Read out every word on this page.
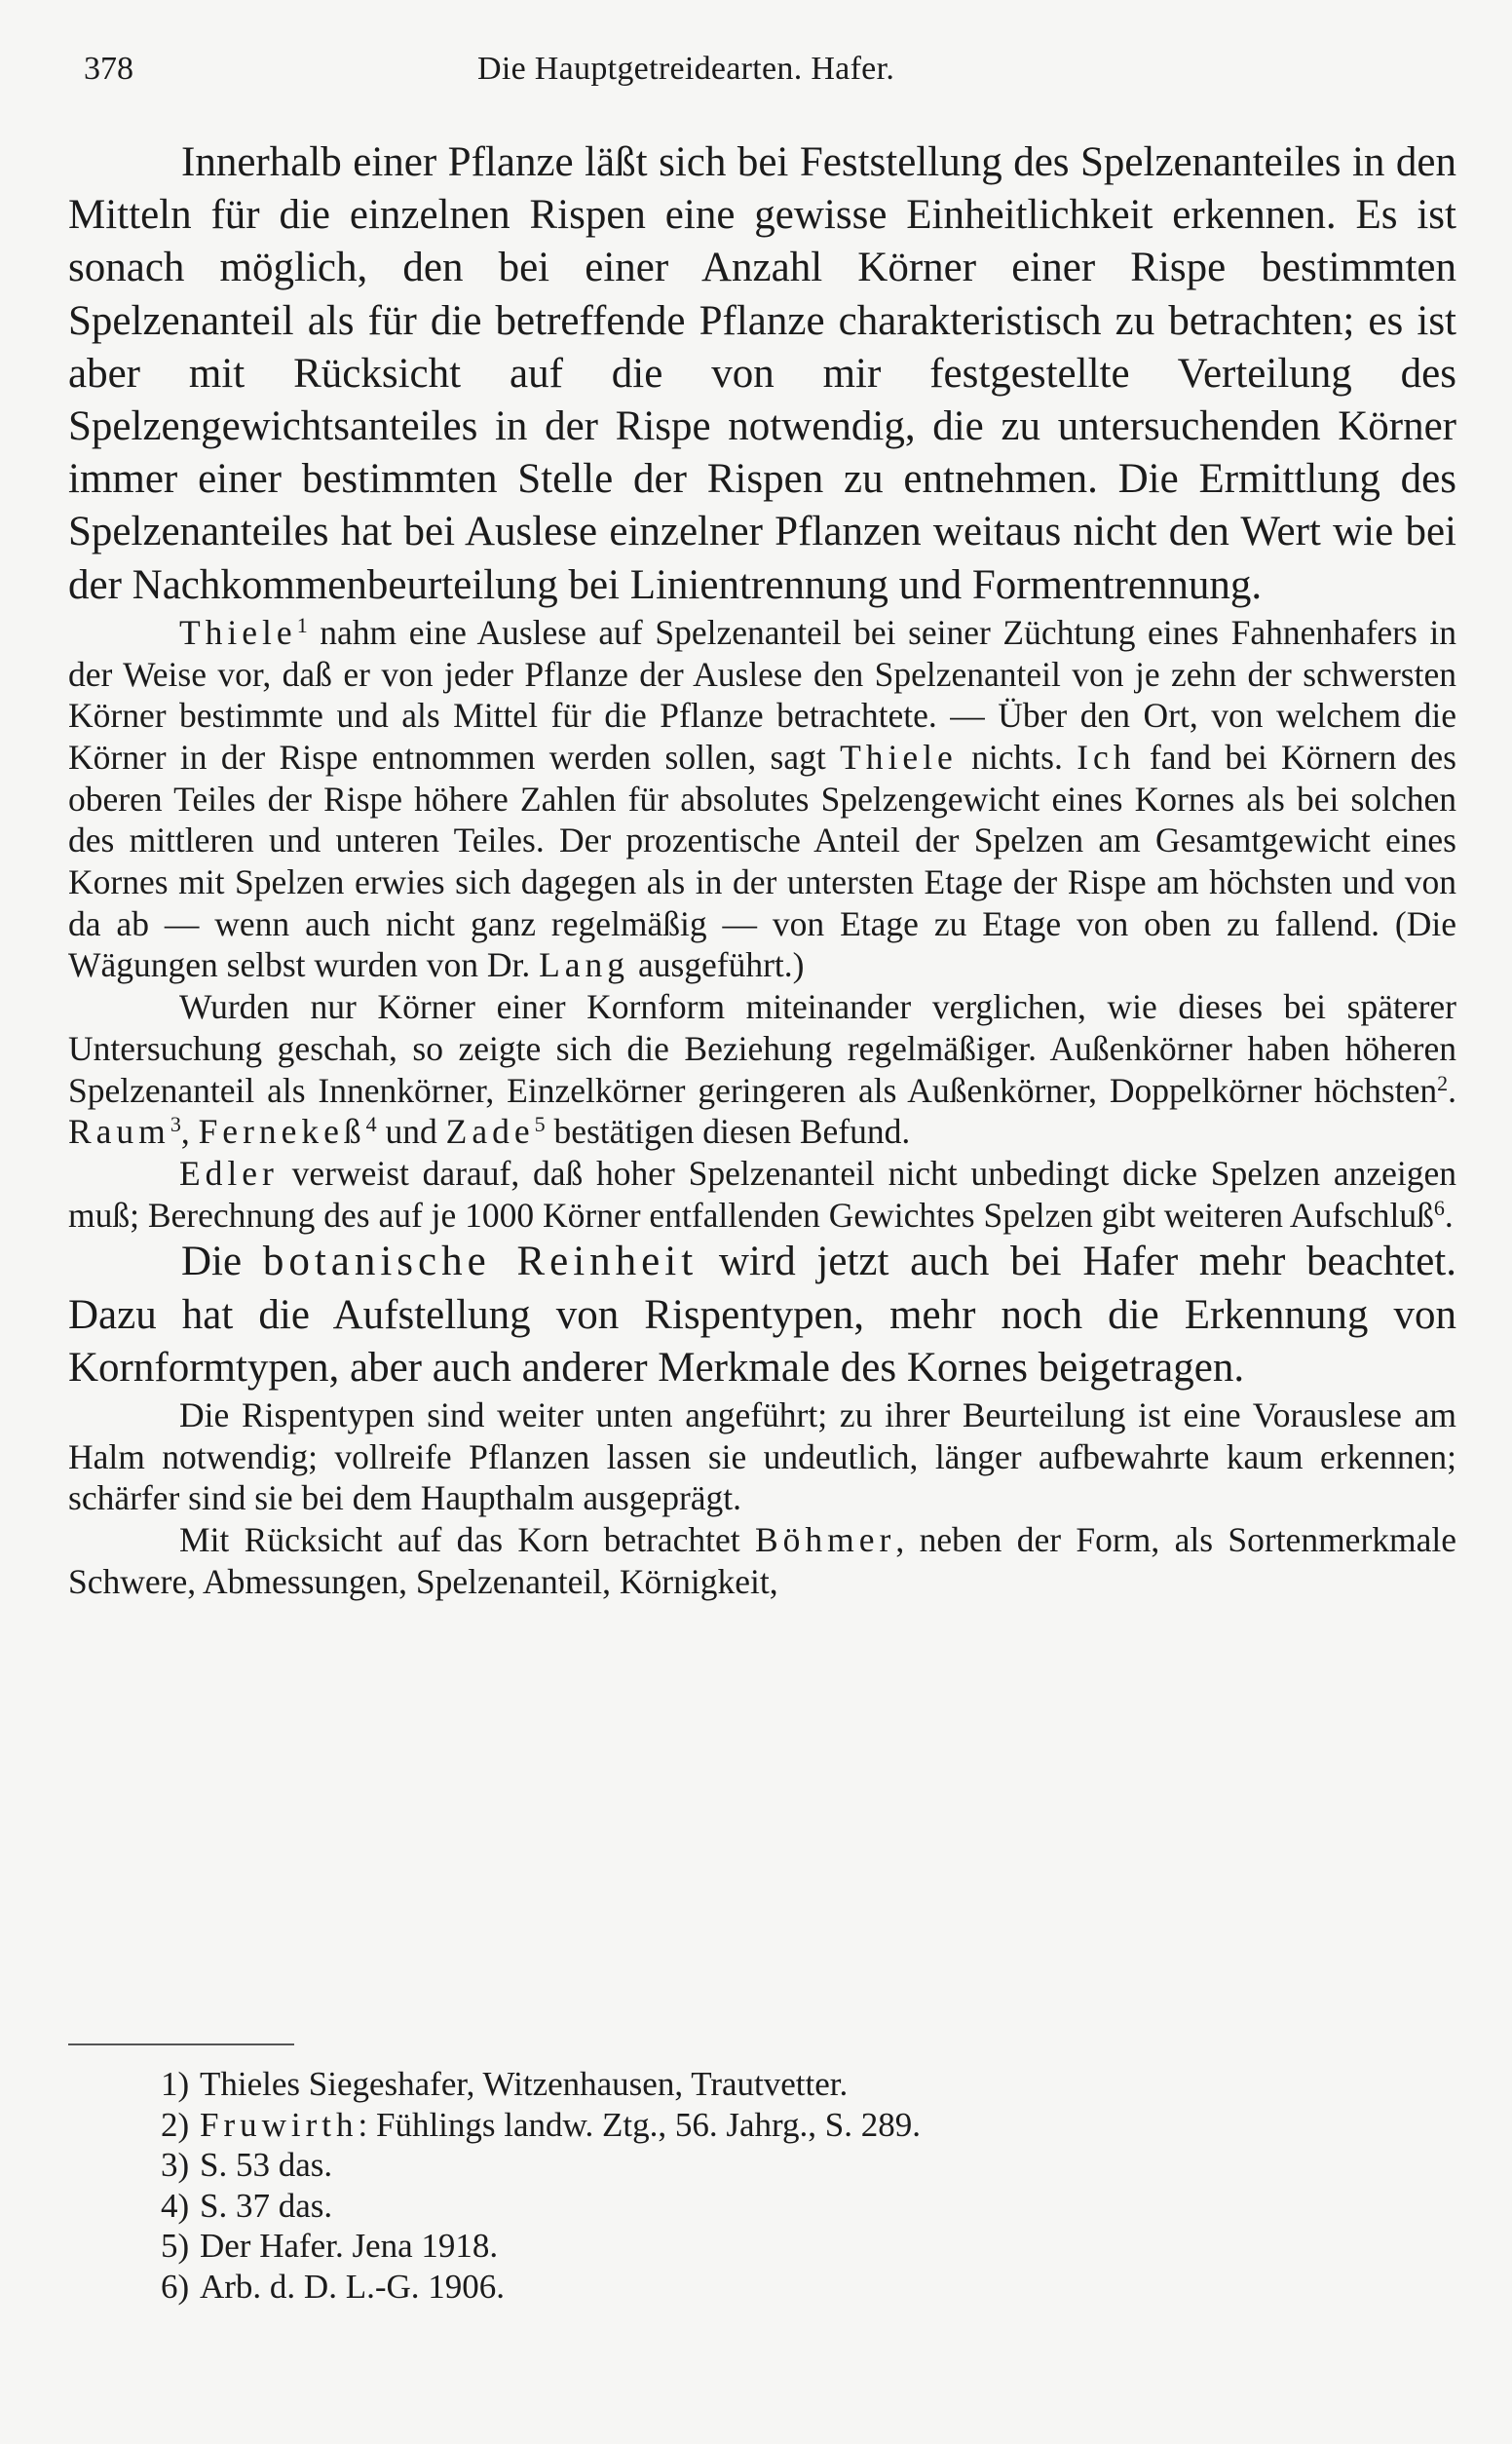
378	Die Hauptgetreidearten. Hafer.

Innerhalb einer Pflanze läßt sich bei Feststellung des Spelzenanteiles in den Mitteln für die einzelnen Rispen eine gewisse Einheitlichkeit erkennen. Es ist sonach möglich, den bei einer Anzahl Körner einer Rispe bestimmten Spelzenanteil als für die betreffende Pflanze charakteristisch zu betrachten; es ist aber mit Rücksicht auf die von mir festgestellte Verteilung des Spelzengewichtsanteiles in der Rispe notwendig, die zu untersuchenden Körner immer einer bestimmten Stelle der Rispen zu entnehmen. Die Ermittlung des Spelzenanteiles hat bei Auslese einzelner Pflanzen weitaus nicht den Wert wie bei der Nachkommenbeurteilung bei Linientrennung und Formentrennung.

Thiele$^1$ nahm eine Auslese auf Spelzenanteil bei seiner Züchtung eines Fahnenhafers in der Weise vor, daß er von jeder Pflanze der Auslese den Spelzenanteil von je zehn der schwersten Körner bestimmte und als Mittel für die Pflanze betrachtete. — Über den Ort, von welchem die Körner in der Rispe entnommen werden sollen, sagt Thiele nichts. Ich fand bei Körnern des oberen Teiles der Rispe höhere Zahlen für absolutes Spelzengewicht eines Kornes als bei solchen des mittleren und unteren Teiles. Der prozentische Anteil der Spelzen am Gesamtgewicht eines Kornes mit Spelzen erwies sich dagegen als in der untersten Etage der Rispe am höchsten und von da ab — wenn auch nicht ganz regelmäßig — von Etage zu Etage von oben zu fallend. (Die Wägungen selbst wurden von Dr. Lang ausgeführt.)

Wurden nur Körner einer Kornform miteinander verglichen, wie dieses bei späterer Untersuchung geschah, so zeigte sich die Beziehung regelmäßiger. Außenkörner haben höheren Spelzenanteil als Innenkörner, Einzelkörner geringeren als Außenkörner, Doppelkörner höchsten$^2$. Raum$^3$, Fernekeß$^4$ und Zade$^5$ bestätigen diesen Befund.

Edler verweist darauf, daß hoher Spelzenanteil nicht unbedingt dicke Spelzen anzeigen muß; Berechnung des auf je 1000 Körner entfallenden Gewichtes Spelzen gibt weiteren Aufschluß$^6$.

Die botanische Reinheit wird jetzt auch bei Hafer mehr beachtet. Dazu hat die Aufstellung von Rispentypen, mehr noch die Erkennung von Kornformtypen, aber auch anderer Merkmale des Kornes beigetragen.

Die Rispentypen sind weiter unten angeführt; zu ihrer Beurteilung ist eine Vorauslese am Halm notwendig; vollreife Pflanzen lassen sie undeutlich, länger aufbewahrte kaum erkennen; schärfer sind sie bei dem Haupthalm ausgeprägt.

Mit Rücksicht auf das Korn betrachtet Böhmer, neben der Form, als Sortenmerkmale Schwere, Abmessungen, Spelzenanteil, Körnigkeit,

1) Thieles Siegeshafer, Witzenhausen, Trautvetter.
2) Fruwirth: Fühlings landw. Ztg., 56. Jahrg., S. 289.
3) S. 53 das.
4) S. 37 das.
5) Der Hafer. Jena 1918.
6) Arb. d. D. L.-G. 1906.
